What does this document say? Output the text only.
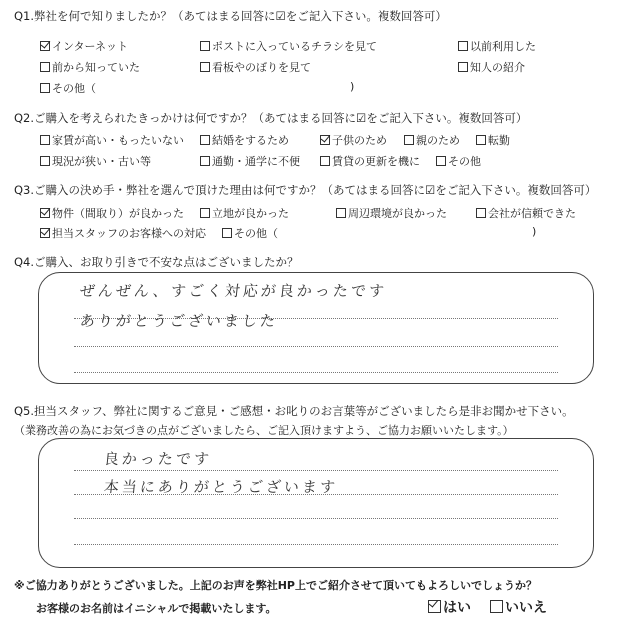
Q1.弊社を何で知りましたか？（あてはまる回答に☑をご記入下さい。複数回答可）
インターネット	ポストに入っているチラシを見て	以前利用した
前から知っていた	看板やのぼりを見て	知人の紹介
その他（	)
Q2.ご購入を考えられたきっかけは何ですか？（あてはまる回答に☑をご記入下さい。複数回答可）
家賃が高い・もったいない	結婚をするため	子供のため	親のため	転勤
現況が狭い・古い等	通勤・通学に不便	賃貸の更新を機に	その他
Q3.ご購入の決め手・弊社を選んで頂けた理由は何ですか？（あてはまる回答に☑をご記入下さい。複数回答可）
物件（間取り）が良かった	立地が良かった	周辺環境が良かった	会社が信頼できた
担当スタッフのお客様への対応	その他（	)
Q4.ご購入、お取り引きで不安な点はございましたか？
ぜんぜん、すごく対応が良かったです
ありがとうございました
Q5.担当スタッフ、弊社に関するご意見・ご感想・お叱りのお言葉等がございましたら是非お聞かせ下さい。
（業務改善の為にお気づきの点がございましたら、ご記入頂けますよう、ご協力お願いいたします。）
良かったです
本当にありがとうございます
※ご協力ありがとうございました。上記のお声を弊社HP上でご紹介させて頂いてもよろしいでしょうか？
お客様のお名前はイニシャルで掲載いたします。	はい	いいえ
